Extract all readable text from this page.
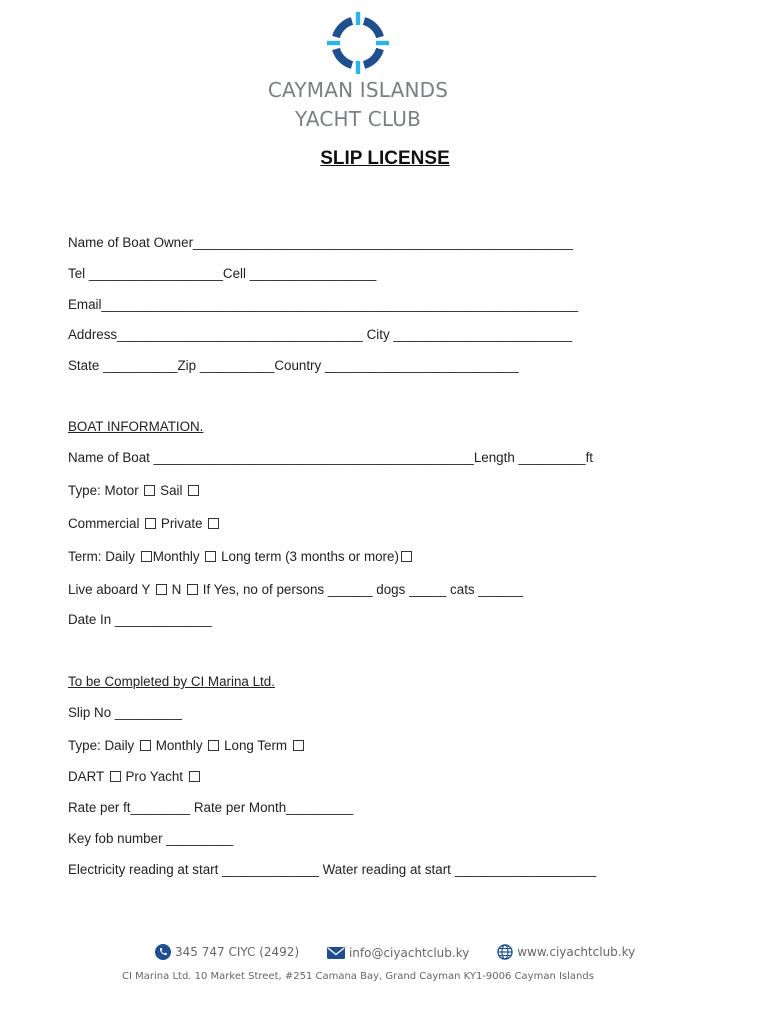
CAYMAN ISLANDS
YACHT CLUB
SLIP LICENSE
Name of Boat Owner___________________________________________________
Tel __________________Cell _________________
Email________________________________________________________________
Address_________________________________ City ________________________
State __________Zip __________Country __________________________
BOAT INFORMATION.
Name of Boat ___________________________________________Length _________ft
Type: Motor Sail
Commercial Private
Term: Daily Monthly Long term (3 months or more)
Live aboard Y N If Yes, no of persons ______ dogs _____ cats ______
Date In _____________
To be Completed by CI Marina Ltd.
Slip No _________
Type: Daily Monthly Long Term
DART Pro Yacht
Rate per ft________ Rate per Month_________
Key fob number _________
Electricity reading at start _____________ Water reading at start ___________________
345 747 CIYC (2492)
	info@ciyachtclub.ky
	www.ciyachtclub.ky
CI Marina Ltd. 10 Market Street, #251 Camana Bay, Grand Cayman KY1-9006 Cayman Islands
